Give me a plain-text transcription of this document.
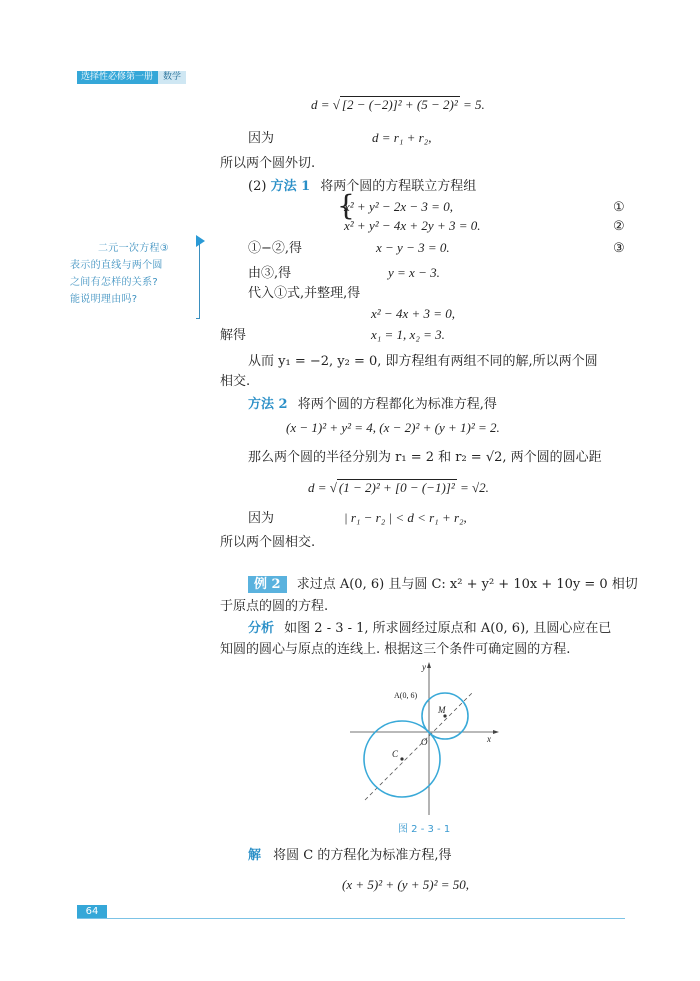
选择性必修第一册 数学
d = √ [2 − (−2)]² + (5 − 2)² = 5.
因为	d = r₁ + r₂,
所以两个圆外切.
(2) 方法 1 将两个圆的方程联立方程组
{
x² + y² − 2x − 3 = 0,
x² + y² − 4x + 2y + 3 = 0.
①
②
①−②,得	x − y − 3 = 0.	③
由③,得	y = x − 3.
代入①式,并整理,得
x² − 4x + 3 = 0,
解得	x₁ = 1, x₂ = 3.
从而 y₁ = −2, y₂ = 0, 即方程组有两组不同的解,所以两个圆
相交.
方法 2 将两个圆的方程都化为标准方程,得
(x − 1)² + y² = 4, (x − 2)² + (y + 1)² = 2.
那么两个圆的半径分别为 r₁ = 2 和 r₂ = √2, 两个圆的圆心距
d = √ (1 − 2)² + [0 − (−1)]² = √2.
因为	| r₁ − r₂ | < d < r₁ + r₂,
所以两个圆相交.
例 2 求过点 A(0, 6) 且与圆 C: x² + y² + 10x + 10y = 0 相切
于原点的圆的方程.
分析 如图 2 - 3 - 1, 所求圆经过原点和 A(0, 6), 且圆心应在已
知圆的圆心与原点的连线上. 根据这三个条件可确定圆的方程.
A(0, 6)
M
C
O	x
y
图 2 - 3 - 1
解 将圆 C 的方程化为标准方程,得
(x + 5)² + (y + 5)² = 50,
二元一次方程③
表示的直线与两个圆
之间有怎样的关系?
能说明理由吗?
64
